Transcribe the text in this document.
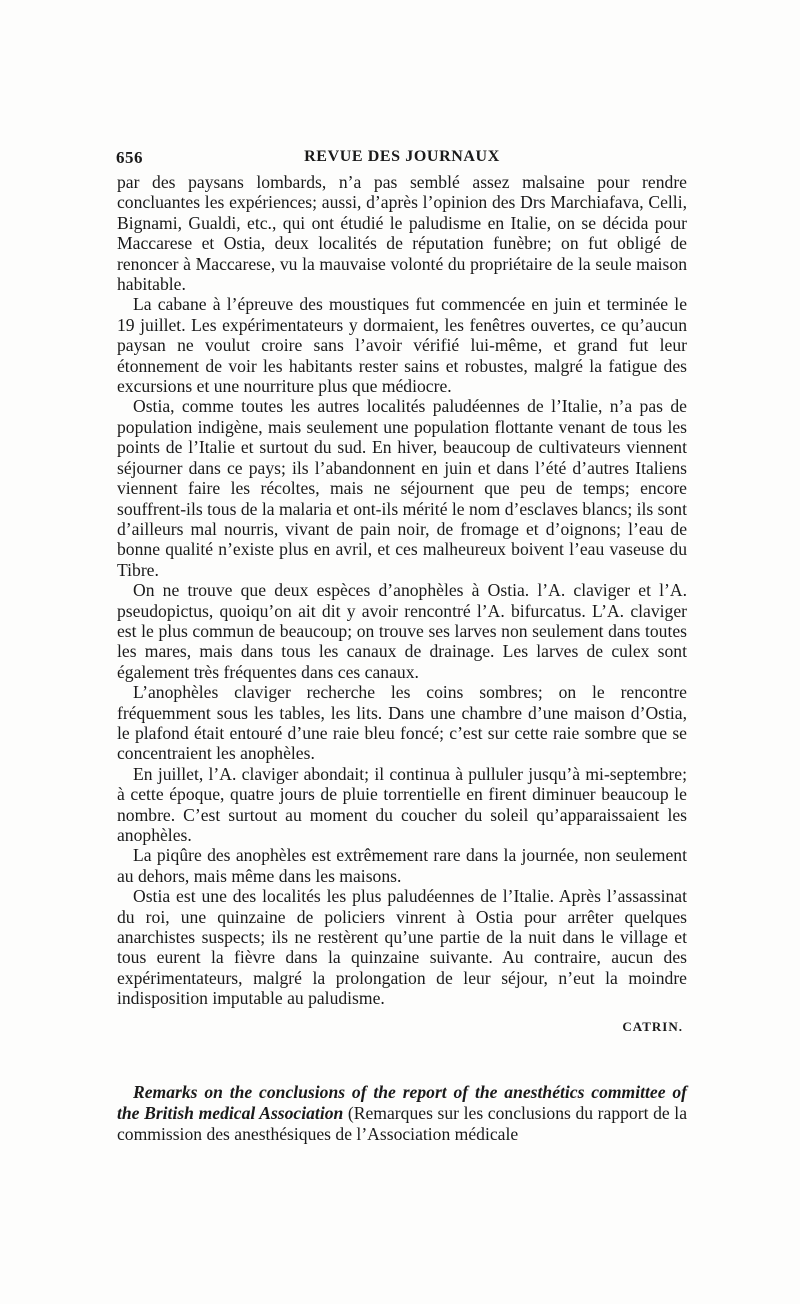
656	REVUE DES JOURNAUX

par des paysans lombards, n’a pas semblé assez malsaine pour rendre concluantes les expériences; aussi, d’après l’opinion des Drs Marchiafava, Celli, Bignami, Gualdi, etc., qui ont étudié le paludisme en Italie, on se décida pour Maccarese et Ostia, deux localités de réputation funèbre; on fut obligé de renoncer à Maccarese, vu la mauvaise volonté du propriétaire de la seule maison habitable.

La cabane à l’épreuve des moustiques fut commencée en juin et terminée le 19 juillet. Les expérimentateurs y dormaient, les fenêtres ouvertes, ce qu’aucun paysan ne voulut croire sans l’avoir vérifié lui-même, et grand fut leur étonnement de voir les habitants rester sains et robustes, malgré la fatigue des excursions et une nourriture plus que médiocre.

Ostia, comme toutes les autres localités paludéennes de l’Italie, n’a pas de population indigène, mais seulement une population flottante venant de tous les points de l’Italie et surtout du sud. En hiver, beaucoup de cultivateurs viennent séjourner dans ce pays; ils l’abandonnent en juin et dans l’été d’autres Italiens viennent faire les récoltes, mais ne séjournent que peu de temps; encore souffrent-ils tous de la malaria et ont-ils mérité le nom d’esclaves blancs; ils sont d’ailleurs mal nourris, vivant de pain noir, de fromage et d’oignons; l’eau de bonne qualité n’existe plus en avril, et ces malheureux boivent l’eau vaseuse du Tibre.

On ne trouve que deux espèces d’anophèles à Ostia. l’A. claviger et l’A. pseudopictus, quoiqu’on ait dit y avoir rencontré l’A. bifurcatus. L’A. claviger est le plus commun de beaucoup; on trouve ses larves non seulement dans toutes les mares, mais dans tous les canaux de drainage. Les larves de culex sont également très fréquentes dans ces canaux.

L’anophèles claviger recherche les coins sombres; on le rencontre fréquemment sous les tables, les lits. Dans une chambre d’une maison d’Ostia, le plafond était entouré d’une raie bleu foncé; c’est sur cette raie sombre que se concentraient les anophèles.

En juillet, l’A. claviger abondait; il continua à pulluler jusqu’à mi-septembre; à cette époque, quatre jours de pluie torrentielle en firent diminuer beaucoup le nombre. C’est surtout au moment du coucher du soleil qu’apparaissaient les anophèles.

La piqûre des anophèles est extrêmement rare dans la journée, non seulement au dehors, mais même dans les maisons.

Ostia est une des localités les plus paludéennes de l’Italie. Après l’assassinat du roi, une quinzaine de policiers vinrent à Ostia pour arrêter quelques anarchistes suspects; ils ne restèrent qu’une partie de la nuit dans le village et tous eurent la fièvre dans la quinzaine suivante. Au contraire, aucun des expérimentateurs, malgré la prolongation de leur séjour, n’eut la moindre indisposition imputable au paludisme.

CATRIN.
Remarks on the conclusions of the report of the anesthétics committee of the British medical Association (Remarques sur les conclusions du rapport de la commission des anesthésiques de l’Association médicale
